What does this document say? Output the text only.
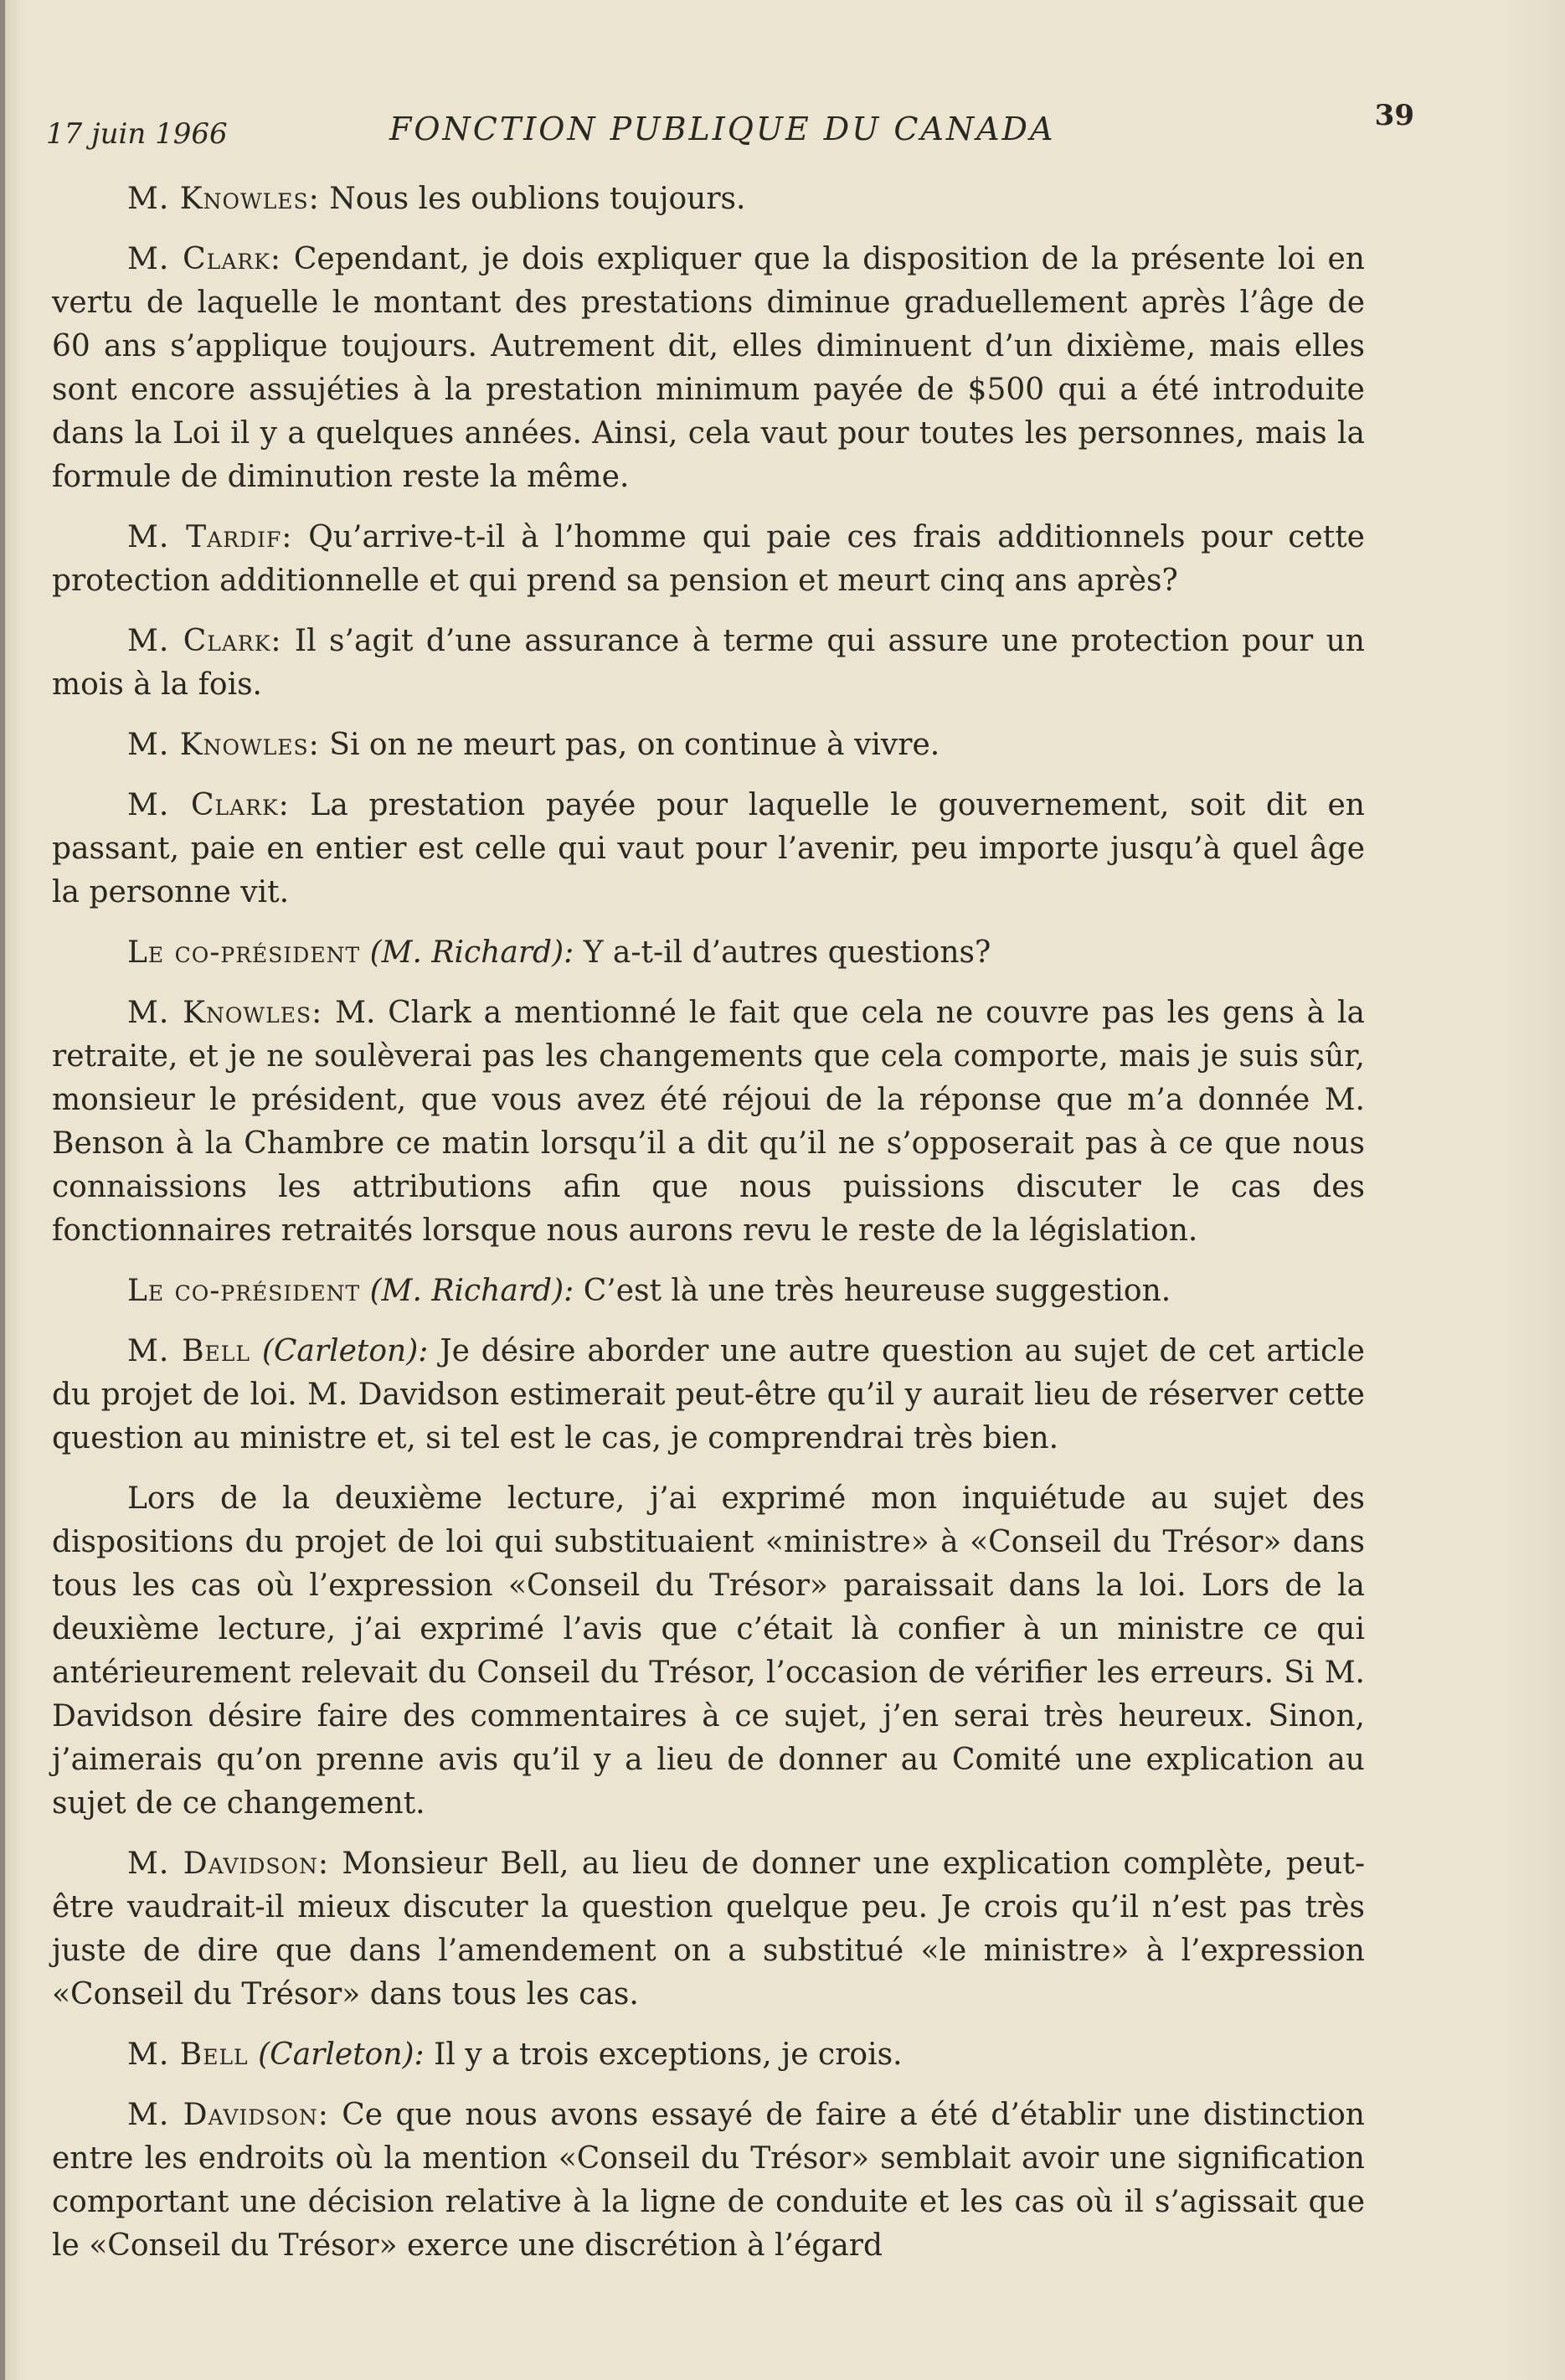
17 juin 1966	FONCTION PUBLIQUE DU CANADA	39

M. Knowles: Nous les oublions toujours.

M. Clark: Cependant, je dois expliquer que la disposition de la présente loi en vertu de laquelle le montant des prestations diminue graduellement après l’âge de 60 ans s’applique toujours. Autrement dit, elles diminuent d’un dixième, mais elles sont encore assujéties à la prestation minimum payée de $500 qui a été introduite dans la Loi il y a quelques années. Ainsi, cela vaut pour toutes les personnes, mais la formule de diminution reste la même.

M. Tardif: Qu’arrive-t-il à l’homme qui paie ces frais additionnels pour cette protection additionnelle et qui prend sa pension et meurt cinq ans après?

M. Clark: Il s’agit d’une assurance à terme qui assure une protection pour un mois à la fois.

M. Knowles: Si on ne meurt pas, on continue à vivre.

M. Clark: La prestation payée pour laquelle le gouvernement, soit dit en passant, paie en entier est celle qui vaut pour l’avenir, peu importe jusqu’à quel âge la personne vit.

Le co-président (M. Richard): Y a-t-il d’autres questions?

M. Knowles: M. Clark a mentionné le fait que cela ne couvre pas les gens à la retraite, et je ne soulèverai pas les changements que cela comporte, mais je suis sûr, monsieur le président, que vous avez été réjoui de la réponse que m’a donnée M. Benson à la Chambre ce matin lorsqu’il a dit qu’il ne s’opposerait pas à ce que nous connaissions les attributions afin que nous puissions discuter le cas des fonctionnaires retraités lorsque nous aurons revu le reste de la législation.

Le co-président (M. Richard): C’est là une très heureuse suggestion.

M. Bell (Carleton): Je désire aborder une autre question au sujet de cet article du projet de loi. M. Davidson estimerait peut-être qu’il y aurait lieu de réserver cette question au ministre et, si tel est le cas, je comprendrai très bien.

Lors de la deuxième lecture, j’ai exprimé mon inquiétude au sujet des dispositions du projet de loi qui substituaient «ministre» à «Conseil du Trésor» dans tous les cas où l’expression «Conseil du Trésor» paraissait dans la loi. Lors de la deuxième lecture, j’ai exprimé l’avis que c’était là confier à un ministre ce qui antérieurement relevait du Conseil du Trésor, l’occasion de vérifier les erreurs. Si M. Davidson désire faire des commentaires à ce sujet, j’en serai très heureux. Sinon, j’aimerais qu’on prenne avis qu’il y a lieu de donner au Comité une explication au sujet de ce changement.

M. Davidson: Monsieur Bell, au lieu de donner une explication complète, peut-être vaudrait-il mieux discuter la question quelque peu. Je crois qu’il n’est pas très juste de dire que dans l’amendement on a substitué «le ministre» à l’expression «Conseil du Trésor» dans tous les cas.

M. Bell (Carleton): Il y a trois exceptions, je crois.

M. Davidson: Ce que nous avons essayé de faire a été d’établir une distinction entre les endroits où la mention «Conseil du Trésor» semblait avoir une signification comportant une décision relative à la ligne de conduite et les cas où il s’agissait que le «Conseil du Trésor» exerce une discrétion à l’égard
